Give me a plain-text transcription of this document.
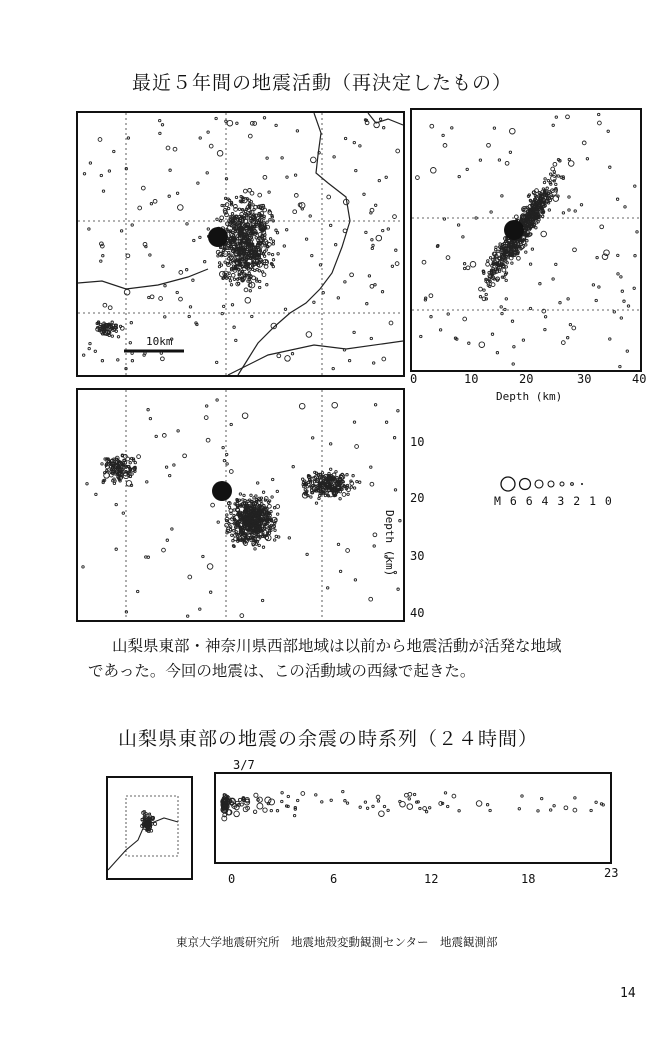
最近５年間の地震活動（再決定したもの）
10km
0	10	20	30	40
Depth (km)
10
20
30
40
Depth (km)
M 6 6 4 3 2 1 0
山梨県東部・神奈川県西部地域は以前から地震活動が活発な地域
であった。今回の地震は、この活動域の西縁で起きた。
山梨県東部の地震の余震の時系列（２４時間）
3/7
0	6	12	18	23
東京大学地震研究所　地震地殻変動観測センター　地震観測部
14
